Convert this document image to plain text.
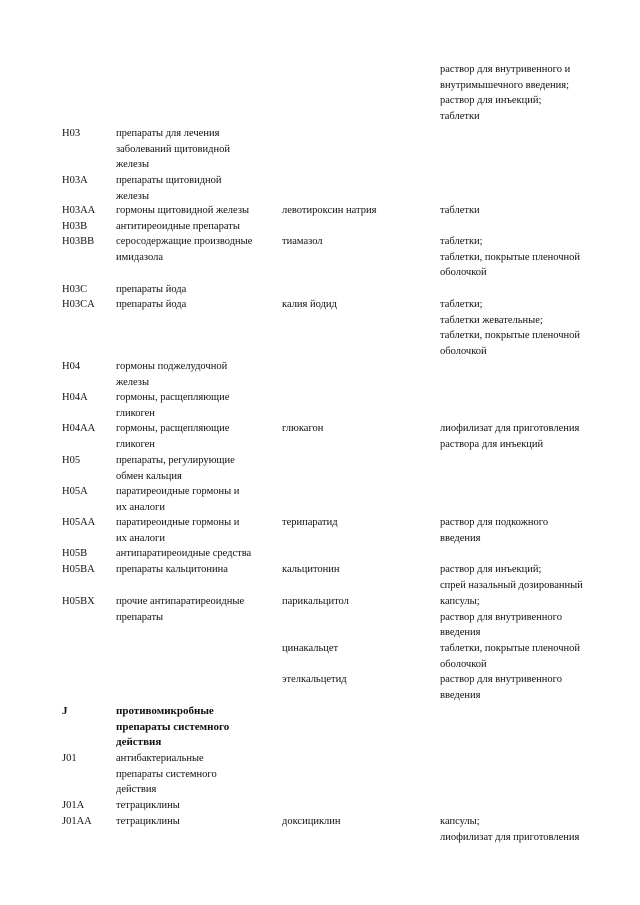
раствор для внутривенного и
внутримышечного введения;
раствор для инъекций;
таблетки
H03	препараты для лечения
заболеваний щитовидной
железы
H03A	препараты щитовидной
железы
H03AA	гормоны щитовидной железы	левотироксин натрия	таблетки
H03B	антитиреоидные препараты
H03BB	серосодержащие производные
имидазола
тиамазол	таблетки;
таблетки, покрытые пленочной
оболочкой
H03C	препараты йода
H03CA	препараты йода	калия йодид	таблетки;
таблетки жевательные;
таблетки, покрытые пленочной
оболочкой
H04	гормоны поджелудочной
железы
H04A	гормоны, расщепляющие
гликоген
H04AA	гормоны, расщепляющие
гликоген
глюкагон	лиофилизат для приготовления
раствора для инъекций
H05	препараты, регулирующие
обмен кальция
H05A	паратиреоидные гормоны и
их аналоги
H05AA	паратиреоидные гормоны и
их аналоги
терипаратид	раствор для подкожного
введения
H05B	антипаратиреоидные средства
H05BA	препараты кальцитонина	кальцитонин	раствор для инъекций;
спрей назальный дозированный
H05BX	прочие антипаратиреоидные
препараты
парикальцитол	капсулы;
раствор для внутривенного
введения
цинакальцет	таблетки, покрытые пленочной
оболочкой
этелкальцетид	раствор для внутривенного
введения
J	противомикробные
препараты системного
действия
J01	антибактериальные
препараты системного
действия
J01A	тетрациклины
J01AA	тетрациклины	доксициклин	капсулы;
лиофилизат для приготовления
